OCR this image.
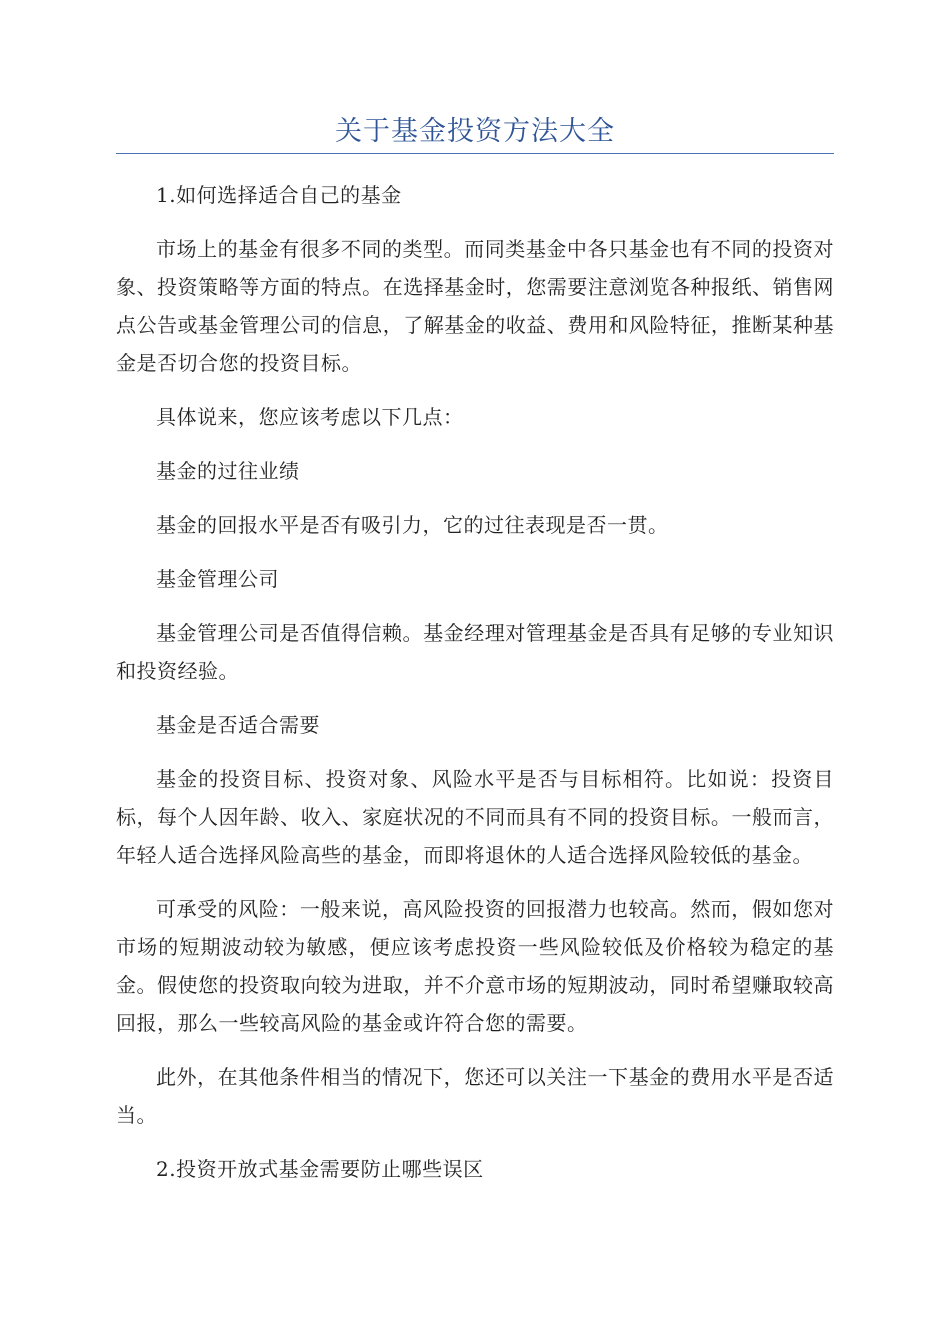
关于基金投资方法大全

1.如何选择适合自己的基金

市场上的基金有很多不同的类型。而同类基金中各只基金也有不同的投资对象、投资策略等方面的特点。在选择基金时，您需要注意浏览各种报纸、销售网点公告或基金管理公司的信息，了解基金的收益、费用和风险特征，推断某种基金是否切合您的投资目标。

具体说来，您应该考虑以下几点：

基金的过往业绩

基金的回报水平是否有吸引力，它的过往表现是否一贯。

基金管理公司

基金管理公司是否值得信赖。基金经理对管理基金是否具有足够的专业知识和投资经验。

基金是否适合需要

基金的投资目标、投资对象、风险水平是否与目标相符。比如说：投资目标，每个人因年龄、收入、家庭状况的不同而具有不同的投资目标。一般而言，年轻人适合选择风险高些的基金，而即将退休的人适合选择风险较低的基金。

可承受的风险：一般来说，高风险投资的回报潜力也较高。然而，假如您对市场的短期波动较为敏感，便应该考虑投资一些风险较低及价格较为稳定的基金。假使您的投资取向较为进取，并不介意市场的短期波动，同时希望赚取较高回报，那么一些较高风险的基金或许符合您的需要。

此外，在其他条件相当的情况下，您还可以关注一下基金的费用水平是否适当。

2.投资开放式基金需要防止哪些误区
